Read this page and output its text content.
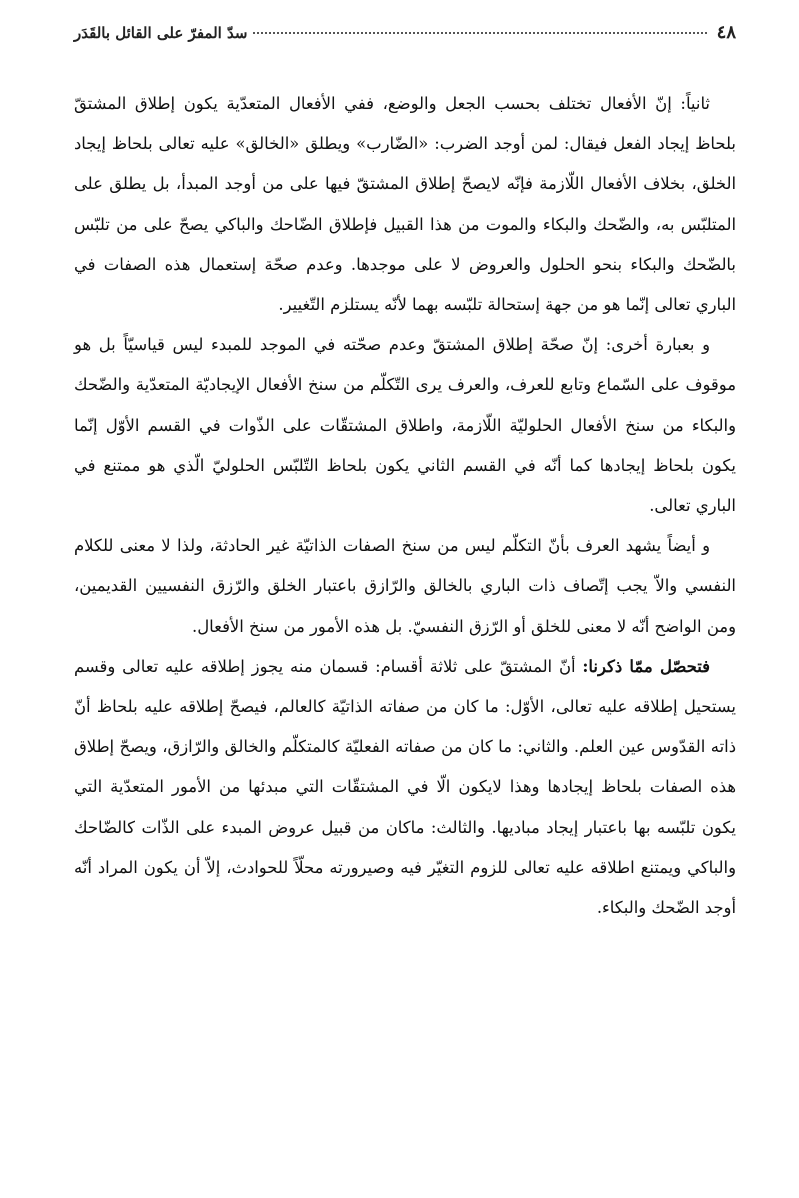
٤٨
سدّ المفرّ على القائل بالقَدَر

ثانياً: إنّ الأفعال تختلف بحسب الجعل والوضع، ففي الأفعال المتعدّية يكون إطلاق المشتقّ بلحاظ إيجاد الفعل فيقال: لمن أوجد الضرب: «الضّارب» ويطلق «الخالق» عليه تعالى بلحاظ إيجاد الخلق، بخلاف الأفعال اللّازمة فإنّه لايصحّ إطلاق المشتقّ فيها على من أوجد المبدأ، بل يطلق على المتلبّس به، والضّحك والبكاء والموت من هذا القبيل فإطلاق الضّاحك والباكي يصحّ على من تلبّس بالضّحك والبكاء بنحو الحلول والعروض لا على موجدها. وعدم صحّة إستعمال هذه الصفات في الباري تعالى إنّما هو من جهة إستحالة تلبّسه بهما لأنّه يستلزم التّغيير.

و بعبارة أخرى: إنّ صحّة إطلاق المشتقّ وعدم صحّته في الموجد للمبدء ليس قياسيّاً بل هو موقوف على السّماع وتابع للعرف، والعرف يرى التّكلّم من سنخ الأفعال الإيجاديّة المتعدّية والضّحك والبكاء من سنخ الأفعال الحلوليّة اللّازمة، واطلاق المشتقّات على الذّوات في القسم الأوّل إنّما يكون بلحاظ إيجادها كما أنّه في القسم الثاني يكون بلحاظ التّلبّس الحلوليّ الّذي هو ممتنع في الباري تعالى.

و أيضاً يشهد العرف بأنّ التكلّم ليس من سنخ الصفات الذاتيّة غير الحادثة، ولذا لا معنى للكلام النفسي والاّ يجب إتّصاف ذات الباري بالخالق والرّازق باعتبار الخلق والرّزق النفسيين القديمين، ومن الواضح أنّه لا معنى للخلق أو الرّزق النفسيّ. بل هذه الأمور من سنخ الأفعال.

فتحصّل ممّا ذكرنا: أنّ المشتقّ على ثلاثة أقسام: قسمان منه يجوز إطلاقه عليه تعالى وقسم يستحيل إطلاقه عليه تعالى، الأوّل: ما كان من صفاته الذاتيّة كالعالم، فيصحّ إطلاقه عليه بلحاظ أنّ ذاته القدّوس عين العلم. والثاني: ما كان من صفاته الفعليّة كالمتكلّم والخالق والرّازق، ويصحّ إطلاق هذه الصفات بلحاظ إيجادها وهذا لايكون الّا في المشتقّات التي مبدئها من الأمور المتعدّية التي يكون تلبّسه بها باعتبار إيجاد مباديها. والثالث: ماكان من قبيل عروض المبدء على الذّات كالضّاحك والباكي ويمتنع اطلاقه عليه تعالى للزوم التغيّر فيه وصيرورته محلّاً للحوادث، إلاّ أن يكون المراد أنّه أوجد الضّحك والبكاء.
